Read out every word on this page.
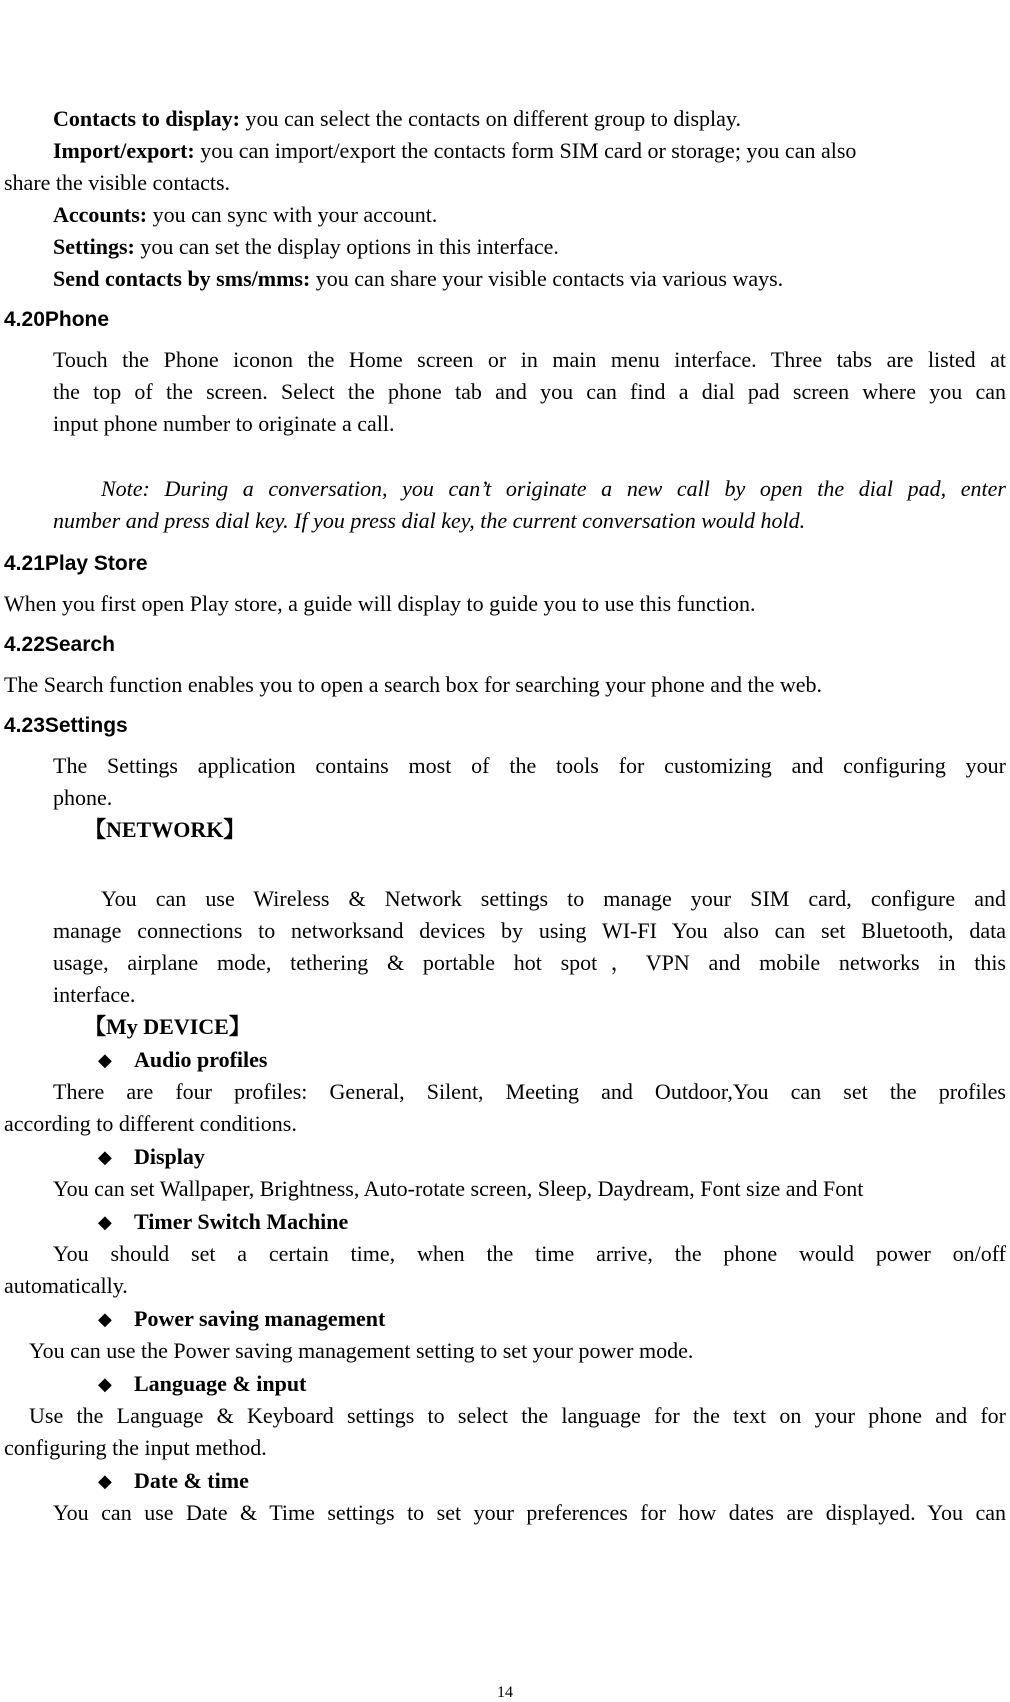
Contacts to display: you can select the contacts on different group to display.
Import/export: you can import/export the contacts form SIM card or storage; you can also
share the visible contacts.
Accounts: you can sync with your account.
Settings: you can set the display options in this interface.
Send contacts by sms/mms: you can share your visible contacts via various ways.
4.20Phone
Touch the Phone iconon the Home screen or in main menu interface. Three tabs are listed at
the top of the screen. Select the phone tab and you can find a dial pad screen where you can
input phone number to originate a call.
Note: During a conversation, you can’t originate a new call by open the dial pad, enter
number and press dial key. If you press dial key, the current conversation would hold.
4.21Play Store
When you first open Play store, a guide will display to guide you to use this function.
4.22Search
The Search function enables you to open a search box for searching your phone and the web.
4.23Settings
The Settings application contains most of the tools for customizing and configuring your
phone.
【NETWORK】
You can use Wireless & Network settings to manage your SIM card, configure and
manage connections to networksand devices by using WI-FI You also can set Bluetooth, data
usage, airplane mode, tethering & portable hot spot，VPN and mobile networks in this
interface.
【My DEVICE】
◆ Audio profiles
There are four profiles: General, Silent, Meeting and Outdoor,You can set the profiles
according to different conditions.
◆ Display
You can set Wallpaper, Brightness, Auto-rotate screen, Sleep, Daydream, Font size and Font
◆ Timer Switch Machine
You should set a certain time, when the time arrive, the phone would power on/off
automatically.
◆ Power saving management
You can use the Power saving management setting to set your power mode.
◆ Language & input
Use the Language & Keyboard settings to select the language for the text on your phone and for
configuring the input method.
◆ Date & time
You can use Date & Time settings to set your preferences for how dates are displayed. You can
14
